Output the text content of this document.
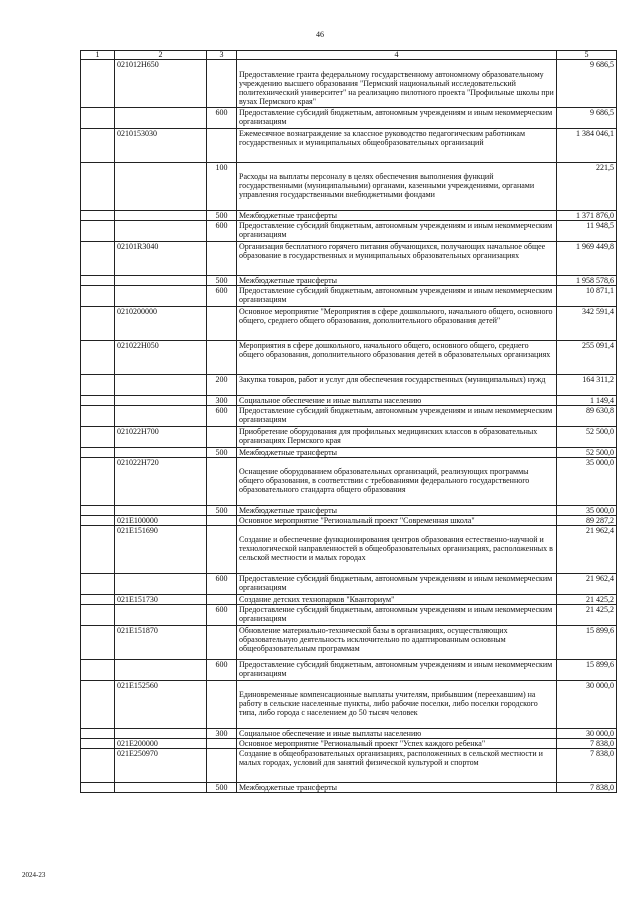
46
1	2	3	4	5
	021012Н650		Предоставление гранта федеральному государственному автономному образовательному учреждению высшего образования "Пермский национальный исследовательский политехнический университет" на реализацию пилотного проекта "Профильные школы при вузах Пермского края"	9 686,5
		600	Предоставление субсидий бюджетным, автономным учреждениям и иным некоммерческим организациям	9 686,5
	0210153030		Ежемесячное вознаграждение за классное руководство педагогическим работникам государственных и муниципальных общеобразовательных организаций	1 384 046,1
		100	Расходы на выплаты персоналу в целях обеспечения выполнения функций государственными (муниципальными) органами, казенными учреждениями, органами управления государственными внебюджетными фондами	221,5
		500	Межбюджетные трансферты	1 371 876,0
		600	Предоставление субсидий бюджетным, автономным учреждениям и иным некоммерческим организациям	11 948,5
	02101R3040		Организация бесплатного горячего питания обучающихся, получающих начальное общее образование в государственных и муниципальных образовательных организациях	1 969 449,8
		500	Межбюджетные трансферты	1 958 578,6
		600	Предоставление субсидий бюджетным, автономным учреждениям и иным некоммерческим организациям	10 871,1
	0210200000		Основное мероприятие "Мероприятия в сфере дошкольного, начального общего, основного общего, среднего общего образования, дополнительного образования детей"	342 591,4
	021022Н050		Мероприятия в сфере дошкольного, начального общего, основного общего, среднего общего образования, дополнительного образования детей в образовательных организациях	255 091,4
		200	Закупка товаров, работ и услуг для обеспечения государственных (муниципальных) нужд	164 311,2
		300	Социальное обеспечение и иные выплаты населению	1 149,4
		600	Предоставление субсидий бюджетным, автономным учреждениям и иным некоммерческим организациям	89 630,8
	021022Н700		Приобретение оборудования для профильных медицинских классов в образовательных организациях Пермского края	52 500,0
		500	Межбюджетные трансферты	52 500,0
	021022Н720		Оснащение оборудованием образовательных организаций, реализующих программы общего образования, в соответствии с требованиями федерального государственного образовательного стандарта общего образования	35 000,0
		500	Межбюджетные трансферты	35 000,0
	021Е100000		Основное мероприятие "Региональный проект "Современная школа"	89 287,2
	021Е151690		Создание и обеспечение функционирования центров образования естественно-научной и технологической направленностей в общеобразовательных организациях, расположенных в сельской местности и малых городах	21 962,4
		600	Предоставление субсидий бюджетным, автономным учреждениям и иным некоммерческим организациям	21 962,4
	021Е151730		Создание детских технопарков "Кванториум"	21 425,2
		600	Предоставление субсидий бюджетным, автономным учреждениям и иным некоммерческим организациям	21 425,2
	021Е151870		Обновление материально-технической базы в организациях, осуществляющих образовательную деятельность исключительно по адаптированным основным общеобразовательным программам	15 899,6
		600	Предоставление субсидий бюджетным, автономным учреждениям и иным некоммерческим организациям	15 899,6
	021Е152560		Единовременные компенсационные выплаты учителям, прибывшим (переехавшим) на работу в сельские населенные пункты, либо рабочие поселки, либо поселки городского типа, либо города с населением до 50 тысяч человек	30 000,0
		300	Социальное обеспечение и иные выплаты населению	30 000,0
	021Е200000		Основное мероприятие "Региональный проект "Успех каждого ребенка"	7 838,0
	021Е250970		Создание в общеобразовательных организациях, расположенных в сельской местности и малых городах, условий для занятий физической культурой и спортом	7 838,0
		500	Межбюджетные трансферты	7 838,0
2024-23
